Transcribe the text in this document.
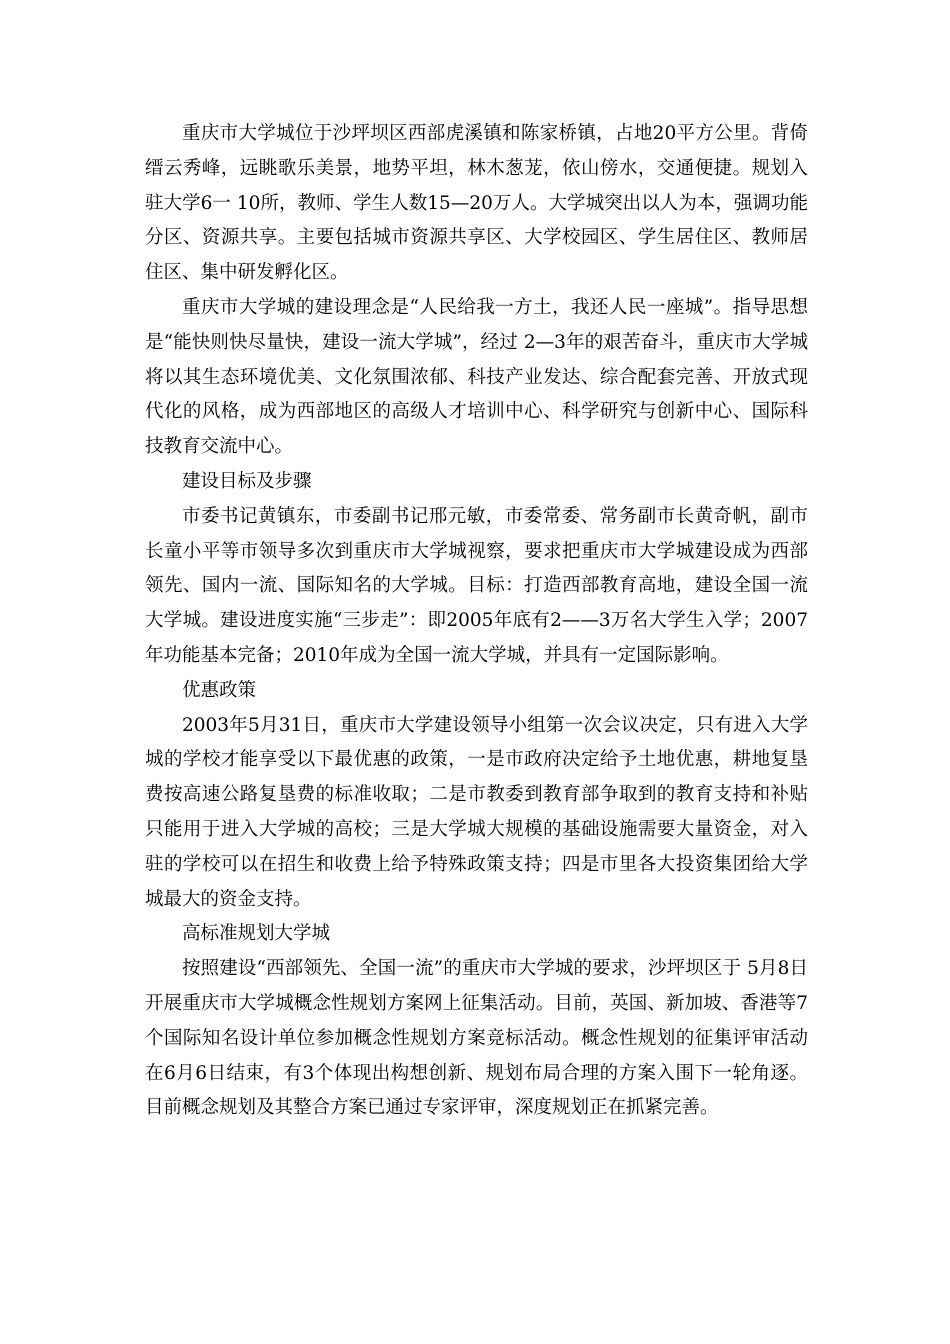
重庆市大学城位于沙坪坝区西部虎溪镇和陈家桥镇，占地20平方公里。背倚缙云秀峰，远眺歌乐美景，地势平坦，林木葱茏，依山傍水，交通便捷。规划入驻大学6一 10所，教师、学生人数15—20万人。大学城突出以人为本，强调功能分区、资源共享。主要包括城市资源共享区、大学校园区、学生居住区、教师居住区、集中研发孵化区。

重庆市大学城的建设理念是“人民给我一方土，我还人民一座城”。指导思想是“能快则快尽量快，建设一流大学城”，经过 2—3年的艰苦奋斗，重庆市大学城将以其生态环境优美、文化氛围浓郁、科技产业发达、综合配套完善、开放式现代化的风格，成为西部地区的高级人才培训中心、科学研究与创新中心、国际科技教育交流中心。

建设目标及步骤

市委书记黄镇东，市委副书记邢元敏，市委常委、常务副市长黄奇帆，副市长童小平等市领导多次到重庆市大学城视察，要求把重庆市大学城建设成为西部领先、国内一流、国际知名的大学城。目标：打造西部教育高地，建设全国一流大学城。建设进度实施“三步走”：即2005年底有2——3万名大学生入学；2007年功能基本完备；2010年成为全国一流大学城，并具有一定国际影响。

优惠政策

2003年5月31日，重庆市大学建设领导小组第一次会议决定，只有进入大学城的学校才能享受以下最优惠的政策，一是市政府决定给予土地优惠，耕地复垦费按高速公路复垦费的标准收取；二是市教委到教育部争取到的教育支持和补贴只能用于进入大学城的高校；三是大学城大规模的基础设施需要大量资金，对入驻的学校可以在招生和收费上给予特殊政策支持；四是市里各大投资集团给大学城最大的资金支持。

高标准规划大学城

按照建设“西部领先、全国一流”的重庆市大学城的要求，沙坪坝区于 5月8日开展重庆市大学城概念性规划方案网上征集活动。目前，英国、新加坡、香港等7个国际知名设计单位参加概念性规划方案竞标活动。概念性规划的征集评审活动在6月6日结束，有3个体现出构想创新、规划布局合理的方案入围下一轮角逐。目前概念规划及其整合方案已通过专家评审，深度规划正在抓紧完善。
